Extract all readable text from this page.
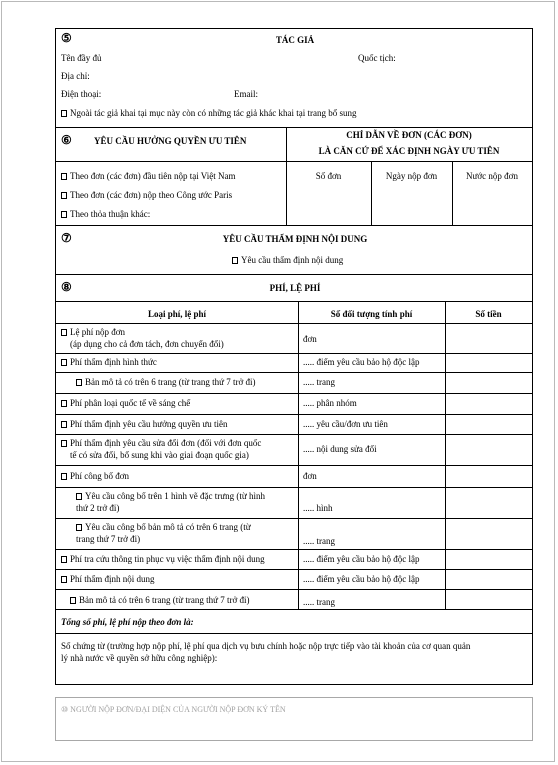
⑤	TÁC GIẢ
Tên đầy đủ	Quốc tịch:
Địa chỉ:
Điện thoại:	Email:
Ngoài tác giả khai tại mục này còn có những tác giả khác khai tại trang bổ sung
⑥ YÊU CẦU HƯỞNG QUYỀN ƯU TIÊN
CHỈ DẪN VỀ ĐƠN (CÁC ĐƠN)
LÀ CĂN CỨ ĐỂ XÁC ĐỊNH NGÀY ƯU TIÊN
Theo đơn (các đơn) đầu tiên nộp tại Việt Nam
Theo đơn (các đơn) nộp theo Công ước Paris
Theo thỏa thuận khác:
Số đơn	Ngày nộp đơn	Nước nộp đơn
⑦	YÊU CẦU THẨM ĐỊNH NỘI DUNG
Yêu cầu thẩm định nội dung
⑧	PHÍ, LỆ PHÍ
Loại phí, lệ phí	Số đối tượng tính phí	Số tiền
Lệ phí nộp đơn
(áp dụng cho cả đơn tách, đơn chuyển đổi)	đơn
Phí thẩm định hình thức	..... điểm yêu cầu bảo hộ độc lập
Bản mô tả có trên 6 trang (từ trang thứ 7 trở đi)	..... trang
Phí phân loại quốc tế về sáng chế	..... phân nhóm
Phí thẩm định yêu cầu hưởng quyền ưu tiên	..... yêu cầu/đơn ưu tiên
Phí thẩm định yêu cầu sửa đổi đơn (đối với đơn quốc
tế có sửa đổi, bổ sung khi vào giai đoạn quốc gia)
..... nội dung sửa đổi
Phí công bố đơn	đơn
Yêu cầu công bố trên 1 hình vẽ đặc trưng (từ hình
thứ 2 trở đi)	..... hình
Yêu cầu công bố bản mô tả có trên 6 trang (từ
trang thứ 7 trở đi)	..... trang
Phí tra cứu thông tin phục vụ việc thẩm định nội dung	..... điểm yêu cầu bảo hộ độc lập
Phí thẩm định nội dung	..... điểm yêu cầu bảo hộ độc lập
Bản mô tả có trên 6 trang (từ trang thứ 7 trở đi)	..... trang
Tổng số phí, lệ phí nộp theo đơn là:
Số chứng từ (trường hợp nộp phí, lệ phí qua dịch vụ bưu chính hoặc nộp trực tiếp vào tài khoản của cơ quan quản
lý nhà nước về quyền sở hữu công nghiệp):
⑩ NGƯỜI NỘP ĐƠN/ĐẠI DIỆN CỦA NGƯỜI NỘP ĐƠN KÝ TÊN
